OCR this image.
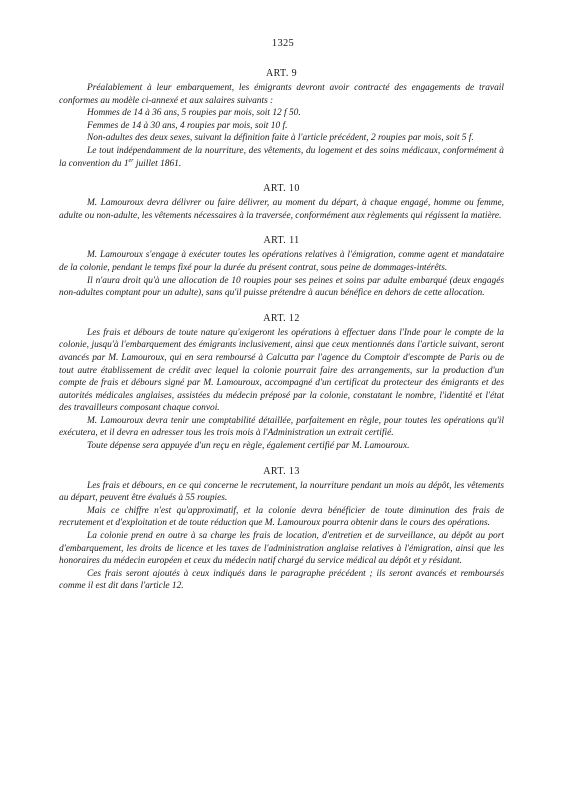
1325

ART. 9

Préalablement à leur embarquement, les émigrants devront avoir contracté des engagements de travail conformes au modèle ci-annexé et aux salaires suivants :

Hommes de 14 à 36 ans, 5 roupies par mois, soit 12 f 50.

Femmes de 14 à 30 ans, 4 roupies par mois, soit 10 f.

Non-adultes des deux sexes, suivant la définition faite à l'article précédent, 2 roupies par mois, soit 5 f.

Le tout indépendamment de la nourriture, des vêtements, du logement et des soins médicaux, conformément à la convention du 1er juillet 1861.

ART. 10

M. Lamouroux devra délivrer ou faire délivrer, au moment du départ, à chaque engagé, homme ou femme, adulte ou non-adulte, les vêtements nécessaires à la traversée, conformément aux règlements qui régissent la matière.

ART. 11

M. Lamouroux s'engage à exécuter toutes les opérations relatives à l'émigration, comme agent et mandataire de la colonie, pendant le temps fixé pour la durée du présent contrat, sous peine de dommages-intérêts.

Il n'aura droit qu'à une allocation de 10 roupies pour ses peines et soins par adulte embarqué (deux engagés non-adultes comptant pour un adulte), sans qu'il puisse prétendre à aucun bénéfice en dehors de cette allocation.

ART. 12

Les frais et débours de toute nature qu'exigeront les opérations à effectuer dans l'Inde pour le compte de la colonie, jusqu'à l'embarquement des émigrants inclusivement, ainsi que ceux mentionnés dans l'article suivant, seront avancés par M. Lamouroux, qui en sera remboursé à Calcutta par l'agence du Comptoir d'escompte de Paris ou de tout autre établissement de crédit avec lequel la colonie pourrait faire des arrangements, sur la production d'un compte de frais et débours signé par M. Lamouroux, accompagné d'un certificat du protecteur des émigrants et des autorités médicales anglaises, assistées du médecin préposé par la colonie, constatant le nombre, l'identité et l'état des travailleurs composant chaque convoi.

M. Lamouroux devra tenir une comptabilité détaillée, parfaitement en règle, pour toutes les opérations qu'il exécutera, et il devra en adresser tous les trois mois à l'Administration un extrait certifié.

Toute dépense sera appuyée d'un reçu en règle, également certifié par M. Lamouroux.

ART. 13

Les frais et débours, en ce qui concerne le recrutement, la nourriture pendant un mois au dépôt, les vêtements au départ, peuvent être évalués à 55 roupies.

Mais ce chiffre n'est qu'approximatif, et la colonie devra bénéficier de toute diminution des frais de recrutement et d'exploitation et de toute réduction que M. Lamouroux pourra obtenir dans le cours des opérations.

La colonie prend en outre à sa charge les frais de location, d'entretien et de surveillance, au dépôt au port d'embarquement, les droits de licence et les taxes de l'administration anglaise relatives à l'émigration, ainsi que les honoraires du médecin européen et ceux du médecin natif chargé du service médical au dépôt et y résidant.

Ces frais seront ajoutés à ceux indiqués dans le paragraphe précédent ; ils seront avancés et remboursés comme il est dit dans l'article 12.
